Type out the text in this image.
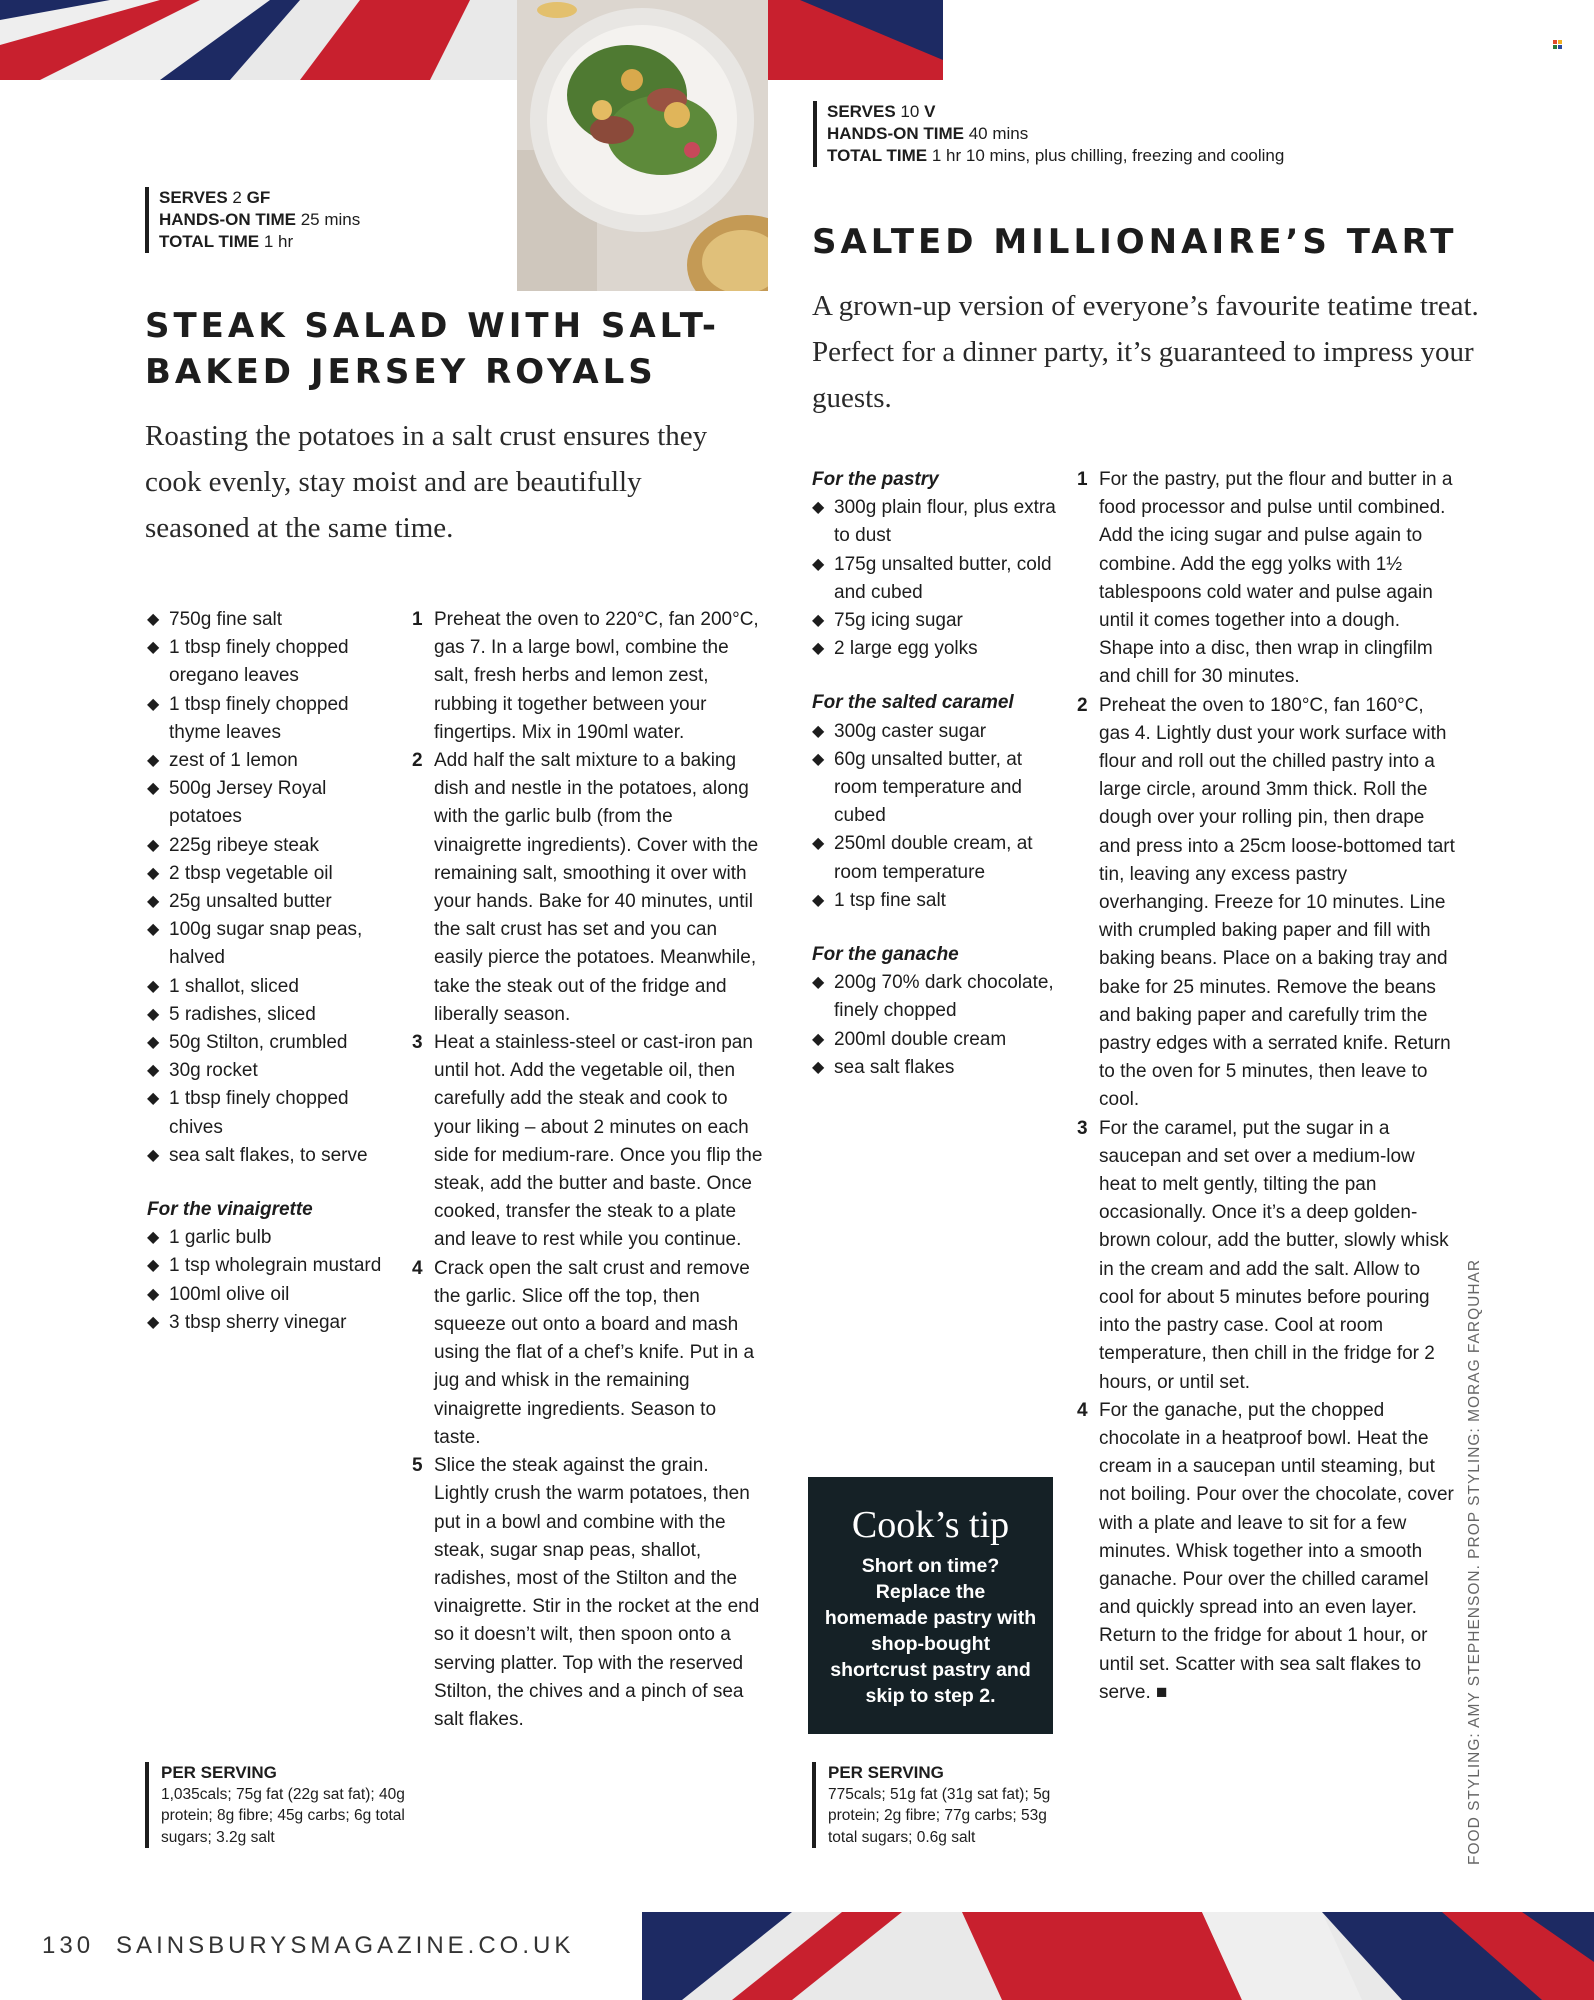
SERVES 2 GF
HANDS-ON TIME 25 mins
TOTAL TIME 1 hr
STEAK SALAD WITH SALT-
BAKED JERSEY ROYALS
Roasting the potatoes in a salt crust ensures they cook evenly, stay moist and are beautifully seasoned at the same time.
◆ 750g fine salt
◆ 1 tbsp finely chopped oregano leaves
◆ 1 tbsp finely chopped thyme leaves
◆ zest of 1 lemon
◆ 500g Jersey Royal potatoes
◆ 225g ribeye steak
◆ 2 tbsp vegetable oil
◆ 25g unsalted butter
◆ 100g sugar snap peas, halved
◆ 1 shallot, sliced
◆ 5 radishes, sliced
◆ 50g Stilton, crumbled
◆ 30g rocket
◆ 1 tbsp finely chopped chives
◆ sea salt flakes, to serve
For the vinaigrette
◆ 1 garlic bulb
◆ 1 tsp wholegrain mustard
◆ 100ml olive oil
◆ 3 tbsp sherry vinegar
1 Preheat the oven to 220°C, fan 200°C, gas 7. In a large bowl, combine the salt, fresh herbs and lemon zest, rubbing it together between your fingertips. Mix in 190ml water.
2 Add half the salt mixture to a baking dish and nestle in the potatoes, along with the garlic bulb (from the vinaigrette ingredients). Cover with the remaining salt, smoothing it over with your hands. Bake for 40 minutes, until the salt crust has set and you can easily pierce the potatoes. Meanwhile, take the steak out of the fridge and liberally season.
3 Heat a stainless-steel or cast-iron pan until hot. Add the vegetable oil, then carefully add the steak and cook to your liking – about 2 minutes on each side for medium-rare. Once you flip the steak, add the butter and baste. Once cooked, transfer the steak to a plate and leave to rest while you continue.
4 Crack open the salt crust and remove the garlic. Slice off the top, then squeeze out onto a board and mash using the flat of a chef’s knife. Put in a jug and whisk in the remaining vinaigrette ingredients. Season to taste.
5 Slice the steak against the grain. Lightly crush the warm potatoes, then put in a bowl and combine with the steak, sugar snap peas, shallot, radishes, most of the Stilton and the vinaigrette. Stir in the rocket at the end so it doesn’t wilt, then spoon onto a serving platter. Top with the reserved Stilton, the chives and a pinch of sea salt flakes.
PER SERVING
1,035cals; 75g fat (22g sat fat); 40g protein; 8g fibre; 45g carbs; 6g total sugars; 3.2g salt
SERVES 10 V
HANDS-ON TIME 40 mins
TOTAL TIME 1 hr 10 mins, plus chilling, freezing and cooling
SALTED MILLIONAIRE’S TART
A grown-up version of everyone’s favourite teatime treat. Perfect for a dinner party, it’s guaranteed to impress your guests.
For the pastry
◆ 300g plain flour, plus extra to dust
◆ 175g unsalted butter, cold and cubed
◆ 75g icing sugar
◆ 2 large egg yolks
For the salted caramel
◆ 300g caster sugar
◆ 60g unsalted butter, at room temperature and cubed
◆ 250ml double cream, at room temperature
◆ 1 tsp fine salt
For the ganache
◆ 200g 70% dark chocolate, finely chopped
◆ 200ml double cream
◆ sea salt flakes
1 For the pastry, put the flour and butter in a food processor and pulse until combined. Add the icing sugar and pulse again to combine. Add the egg yolks with 1½ tablespoons cold water and pulse again until it comes together into a dough. Shape into a disc, then wrap in clingfilm and chill for 30 minutes.
2 Preheat the oven to 180°C, fan 160°C, gas 4. Lightly dust your work surface with flour and roll out the chilled pastry into a large circle, around 3mm thick. Roll the dough over your rolling pin, then drape and press into a 25cm loose-bottomed tart tin, leaving any excess pastry overhanging. Freeze for 10 minutes. Line with crumpled baking paper and fill with baking beans. Place on a baking tray and bake for 25 minutes. Remove the beans and baking paper and carefully trim the pastry edges with a serrated knife. Return to the oven for 5 minutes, then leave to cool.
3 For the caramel, put the sugar in a saucepan and set over a medium-low heat to melt gently, tilting the pan occasionally. Once it’s a deep golden-brown colour, add the butter, slowly whisk in the cream and add the salt. Allow to cool for about 5 minutes before pouring into the pastry case. Cool at room temperature, then chill in the fridge for 2 hours, or until set.
4 For the ganache, put the chopped chocolate in a heatproof bowl. Heat the cream in a saucepan until steaming, but not boiling. Pour over the chocolate, cover with a plate and leave to sit for a few minutes. Whisk together into a smooth ganache. Pour over the chilled caramel and quickly spread into an even layer. Return to the fridge for about 1 hour, or until set. Scatter with sea salt flakes to serve. ■
Cook’s tip
Short on time? Replace the homemade pastry with shop-bought shortcrust pastry and skip to step 2.
PER SERVING
775cals; 51g fat (31g sat fat); 5g protein; 2g fibre; 77g carbs; 53g total sugars; 0.6g salt	FOOD STYLING: AMY STEPHENSON. PROP STYLING: MORAG FARQUHAR
130 SAINSBURYSMAGAZINE.CO.UK
